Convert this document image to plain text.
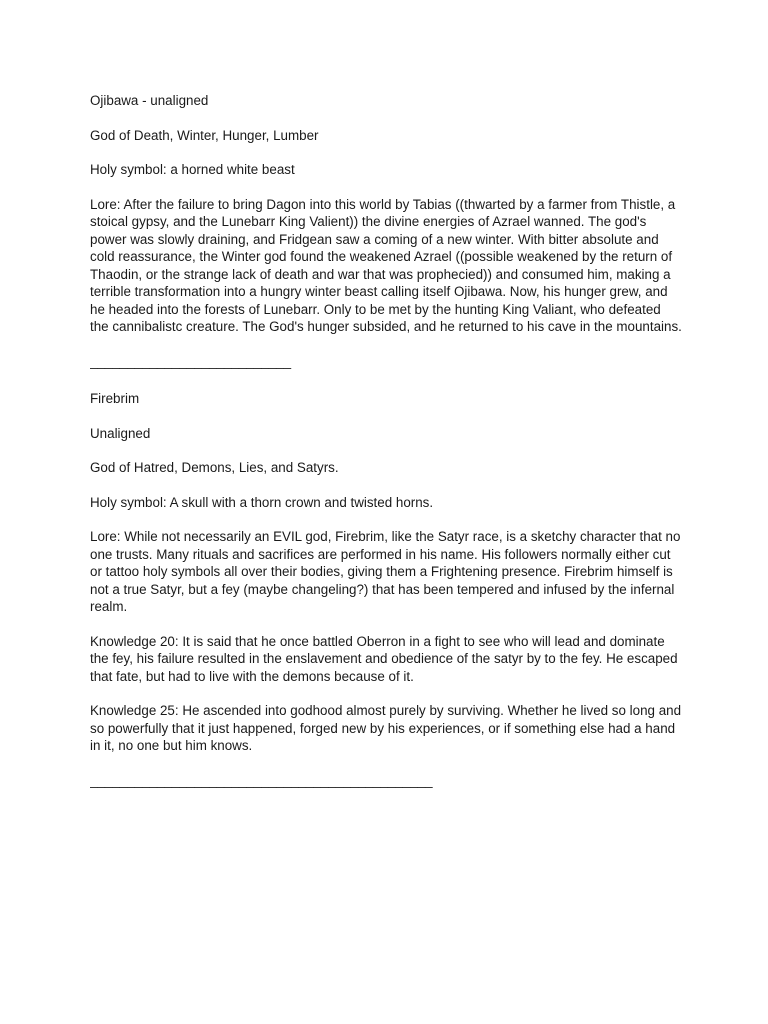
Ojibawa - unaligned

God of Death, Winter, Hunger, Lumber

Holy symbol: a horned white beast

Lore: After the failure to bring Dagon into this world by Tabias ((thwarted by a farmer from Thistle, a stoical gypsy, and the Lunebarr King Valient)) the divine energies of Azrael wanned. The god's power was slowly draining, and Fridgean saw a coming of a new winter. With bitter absolute and cold reassurance, the Winter god found the weakened Azrael ((possible weakened by the return of Thaodin, or the strange lack of death and war that was prophecied)) and consumed him, making a terrible transformation into a hungry winter beast calling itself Ojibawa. Now, his hunger grew, and he headed into the forests of Lunebarr. Only to be met by the hunting King Valiant, who defeated the cannibalistc creature. The God's hunger subsided, and he returned to his cave in the mountains.

___________________________

Firebrim

Unaligned

God of Hatred, Demons, Lies, and Satyrs.

Holy symbol: A skull with a thorn crown and twisted horns.

Lore: While not necessarily an EVIL god, Firebrim, like the Satyr race, is a sketchy character that no one trusts. Many rituals and sacrifices are performed in his name. His followers normally either cut or tattoo holy symbols all over their bodies, giving them a Frightening presence. Firebrim himself is not a true Satyr, but a fey (maybe changeling?) that has been tempered and infused by the infernal realm.

Knowledge 20: It is said that he once battled Oberron in a fight to see who will lead and dominate the fey, his failure resulted in the enslavement and obedience of the satyr by to the fey. He escaped that fate, but had to live with the demons because of it.

Knowledge 25: He ascended into godhood almost purely by surviving. Whether he lived so long and so powerfully that it just happened, forged new by his experiences, or if something else had a hand in it, no one but him knows.

______________________________________________
